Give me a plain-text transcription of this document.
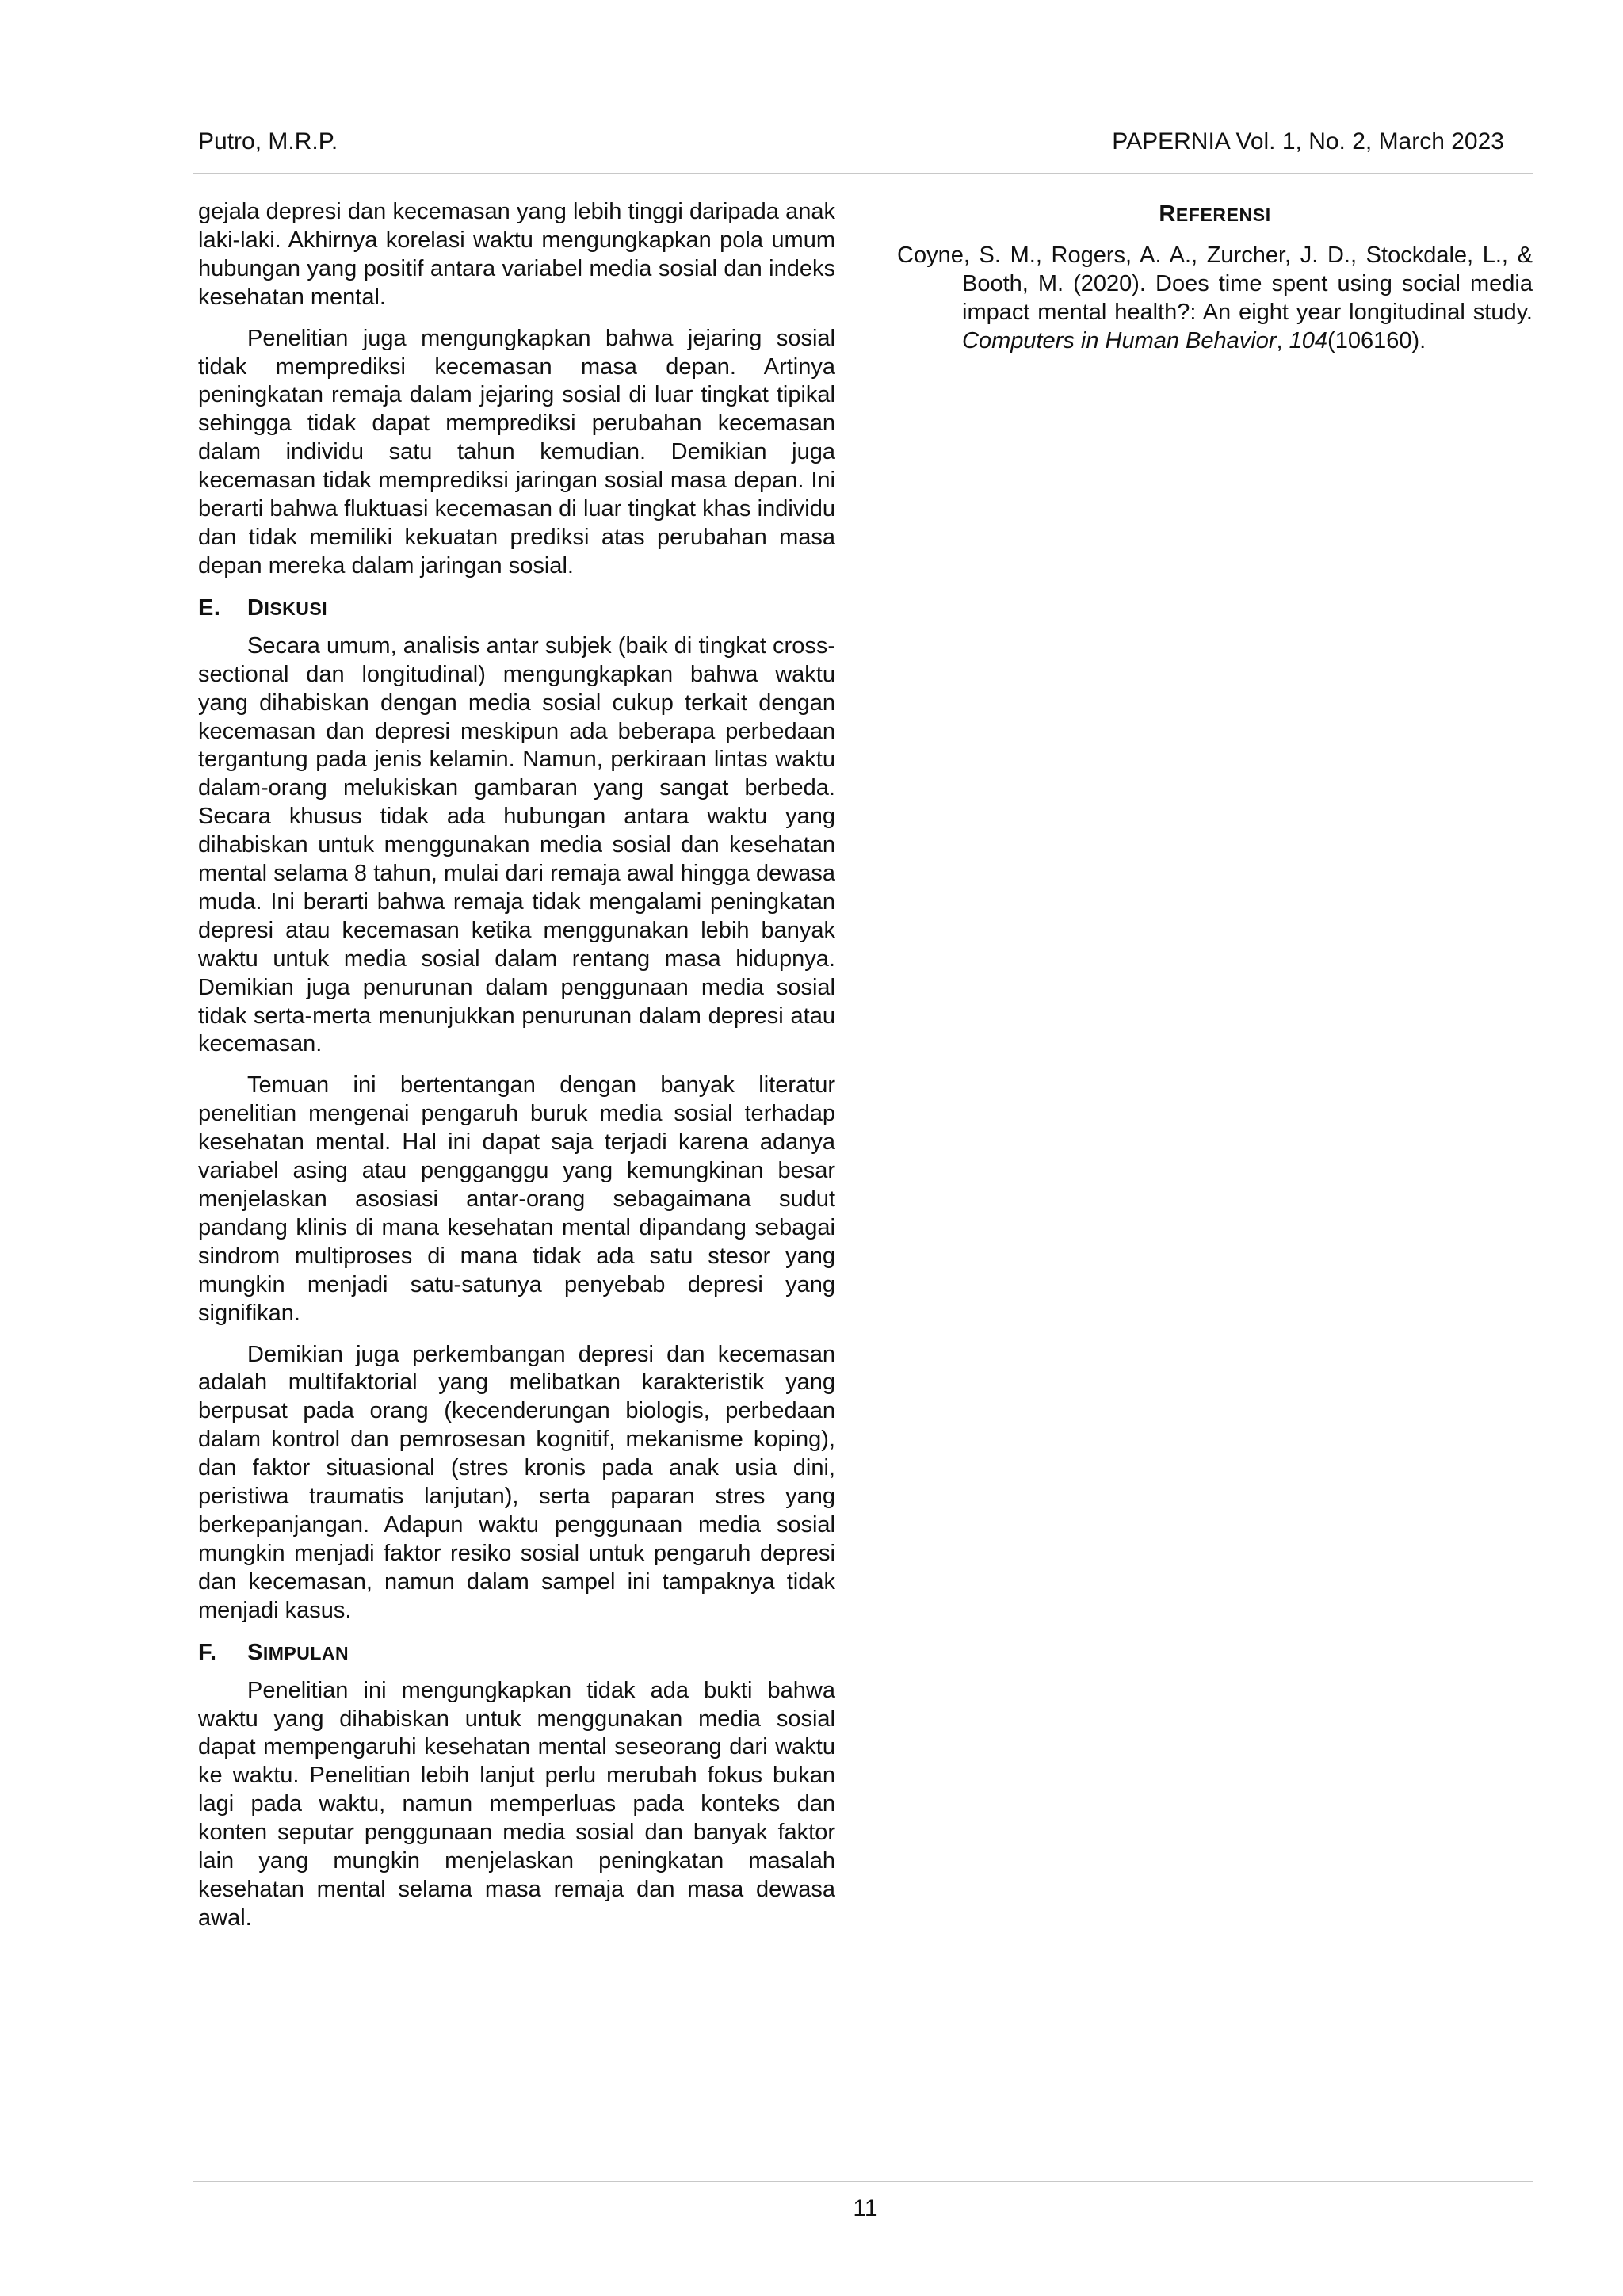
Putro, M.R.P.	PAPERNIA Vol. 1, No. 2, March 2023

gejala depresi dan kecemasan yang lebih tinggi daripada anak laki-laki. Akhirnya korelasi waktu mengungkapkan pola umum hubungan yang positif antara variabel media sosial dan indeks kesehatan mental.

Penelitian juga mengungkapkan bahwa jejaring sosial tidak memprediksi kecemasan masa depan. Artinya peningkatan remaja dalam jejaring sosial di luar tingkat tipikal sehingga tidak dapat memprediksi perubahan kecemasan dalam individu satu tahun kemudian. Demikian juga kecemasan tidak memprediksi jaringan sosial masa depan. Ini berarti bahwa fluktuasi kecemasan di luar tingkat khas individu dan tidak memiliki kekuatan prediksi atas perubahan masa depan mereka dalam jaringan sosial.

E. DISKUSI

Secara umum, analisis antar subjek (baik di tingkat cross-sectional dan longitudinal) mengungkapkan bahwa waktu yang dihabiskan dengan media sosial cukup terkait dengan kecemasan dan depresi meskipun ada beberapa perbedaan tergantung pada jenis kelamin. Namun, perkiraan lintas waktu dalam-orang melukiskan gambaran yang sangat berbeda. Secara khusus tidak ada hubungan antara waktu yang dihabiskan untuk menggunakan media sosial dan kesehatan mental selama 8 tahun, mulai dari remaja awal hingga dewasa muda. Ini berarti bahwa remaja tidak mengalami peningkatan depresi atau kecemasan ketika menggunakan lebih banyak waktu untuk media sosial dalam rentang masa hidupnya. Demikian juga penurunan dalam penggunaan media sosial tidak serta-merta menunjukkan penurunan dalam depresi atau kecemasan.

Temuan ini bertentangan dengan banyak literatur penelitian mengenai pengaruh buruk media sosial terhadap kesehatan mental. Hal ini dapat saja terjadi karena adanya variabel asing atau pengganggu yang kemungkinan besar menjelaskan asosiasi antar-orang sebagaimana sudut pandang klinis di mana kesehatan mental dipandang sebagai sindrom multiproses di mana tidak ada satu stesor yang mungkin menjadi satu-satunya penyebab depresi yang signifikan.

Demikian juga perkembangan depresi dan kecemasan adalah multifaktorial yang melibatkan karakteristik yang berpusat pada orang (kecenderungan biologis, perbedaan dalam kontrol dan pemrosesan kognitif, mekanisme koping), dan faktor situasional (stres kronis pada anak usia dini, peristiwa traumatis lanjutan), serta paparan stres yang berkepanjangan. Adapun waktu penggunaan media sosial mungkin menjadi faktor resiko sosial untuk pengaruh depresi dan kecemasan, namun dalam sampel ini tampaknya tidak menjadi kasus.

F. SIMPULAN

Penelitian ini mengungkapkan tidak ada bukti bahwa waktu yang dihabiskan untuk menggunakan media sosial dapat mempengaruhi kesehatan mental seseorang dari waktu ke waktu. Penelitian lebih lanjut perlu merubah fokus bukan lagi pada waktu, namun memperluas pada konteks dan konten seputar penggunaan media sosial dan banyak faktor lain yang mungkin menjelaskan peningkatan masalah kesehatan mental selama masa remaja dan masa dewasa awal.

REFERENSI
Coyne, S. M., Rogers, A. A., Zurcher, J. D., Stockdale, L., & Booth, M. (2020). Does time spent using social media impact mental health?: An eight year longitudinal study. Computers in Human Behavior, 104(106160).
11
